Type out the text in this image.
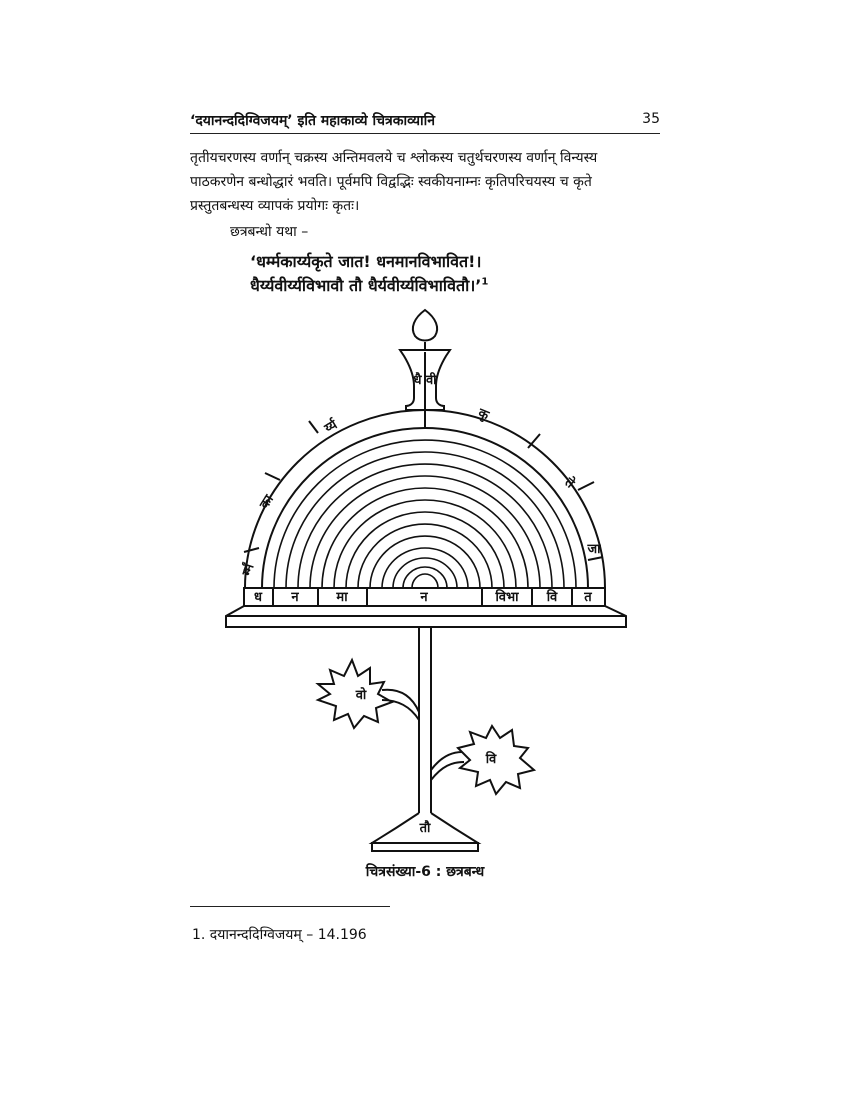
‘दयानन्ददिग्विजयम्’ इति महाकाव्ये चित्रकाव्यानि	35
तृतीयचरणस्य वर्णान् चक्रस्य अन्तिमवलये च श्लोकस्य चतुर्थचरणस्य वर्णान् विन्यस्य
पाठकरणेन बन्धोद्धारं भवति। पूर्वमपि विद्वद्भिः स्वकीयनाम्नः कृतिपरिचयस्य च कृते
प्रस्तुतबन्धस्य व्यापकं प्रयोगः कृतः।
छत्रबन्धो यथा –
‘धर्म्मकार्य्यकृते जात! धनमानविभावित!।
धैर्य्यवीर्य्यविभावौ तौ धैर्यवीर्य्यविभावितौ।’$^1$
धै वी
र्म्मं
का
र्य्य
कृ
ते
जा
ध न	मा	न	विभा वि त
वो
वि
तौ
चित्रसंख्या-6 : छत्रबन्ध
1. दयानन्ददिग्विजयम् – 14.196
